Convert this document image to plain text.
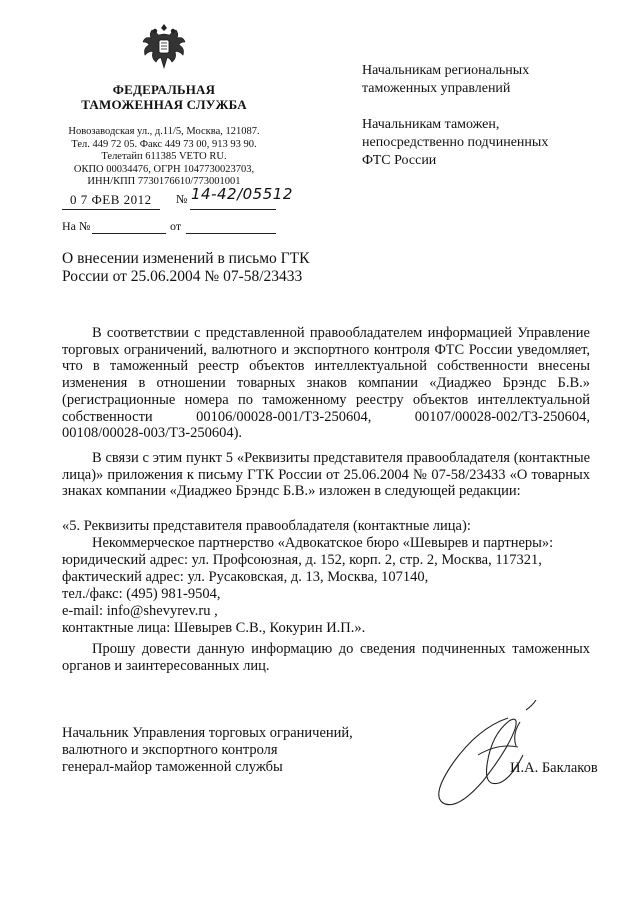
ФЕДЕРАЛЬНАЯ
ТАМОЖЕННАЯ СЛУЖБА
Новозаводская ул., д.11/5, Москва, 121087.
Тел. 449 72 05. Факс 449 73 00, 913 93 90.
Телетайп 611385 VETO RU.
ОКПО 00034476, ОГРН 1047730023703,
ИНН/КПП 7730176610/773001001
0 7 ФЕВ 2012 № 14-42/05512
На №	от
Начальникам региональных
таможенных управлений
Начальникам таможен,
непосредственно подчиненных
ФТС России
О внесении изменений в письмо ГТК
России от 25.06.2004 № 07-58/23433
В соответствии с представленной правообладателем информацией Управление торговых ограничений, валютного и экспортного контроля ФТС России уведомляет, что в таможенный реестр объектов интеллектуальной собственности внесены изменения в отношении товарных знаков компании «Диаджео Брэндс Б.В.» (регистрационные номера по таможенному реестру объектов интеллектуальной собственности 00106/00028-001/ТЗ-250604, 00107/00028-002/ТЗ-250604, 00108/00028-003/ТЗ-250604).
В связи с этим пункт 5 «Реквизиты представителя правообладателя (контактные лица)» приложения к письму ГТК России от 25.06.2004 № 07-58/23433 «О товарных знаках компании «Диаджео Брэндс Б.В.» изложен в следующей редакции:
«5. Реквизиты представителя правообладателя (контактные лица):
Некоммерческое партнерство «Адвокатское бюро «Шевырев и партнеры»:
юридический адрес: ул. Профсоюзная, д. 152, корп. 2, стр. 2, Москва, 117321,
фактический адрес: ул. Русаковская, д. 13, Москва, 107140,
тел./факс: (495) 981-9504,
e-mail: info@shevyrev.ru ,
контактные лица: Шевырев С.В., Кокурин И.П.».
Прошу довести данную информацию до сведения подчиненных таможенных органов и заинтересованных лиц.
Начальник Управления торговых ограничений,
валютного и экспортного контроля
генерал-майор таможенной службы	И.А. Баклаков
